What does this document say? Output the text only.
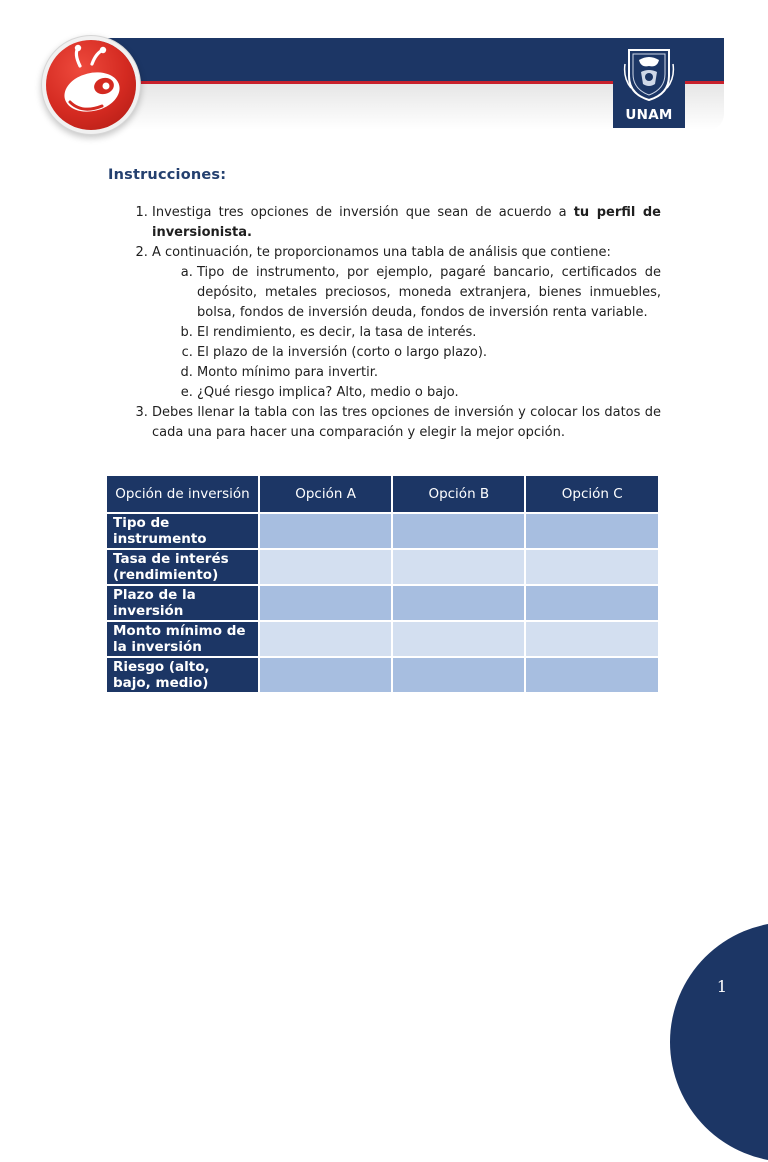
UNAM
Instrucciones:
1. Investiga tres opciones de inversión que sean de acuerdo a tu perfil de inversionista.
2. A continuación, te proporcionamos una tabla de análisis que contiene:
a. Tipo de instrumento, por ejemplo, pagaré bancario, certificados de depósito, metales preciosos, moneda extranjera, bienes inmuebles, bolsa, fondos de inversión deuda, fondos de inversión renta variable.
b. El rendimiento, es decir, la tasa de interés.
c. El plazo de la inversión (corto o largo plazo).
d. Monto mínimo para invertir.
e. ¿Qué riesgo implica? Alto, medio o bajo.
3. Debes llenar la tabla con las tres opciones de inversión y colocar los datos de cada una para hacer una comparación y elegir la mejor opción.
Opción de inversión	Opción A	Opción B	Opción C
Tipo de instrumento			
Tasa de interés (rendimiento)			
Plazo de la inversión			
Monto mínimo de la inversión			
Riesgo (alto, bajo, medio)			
1
